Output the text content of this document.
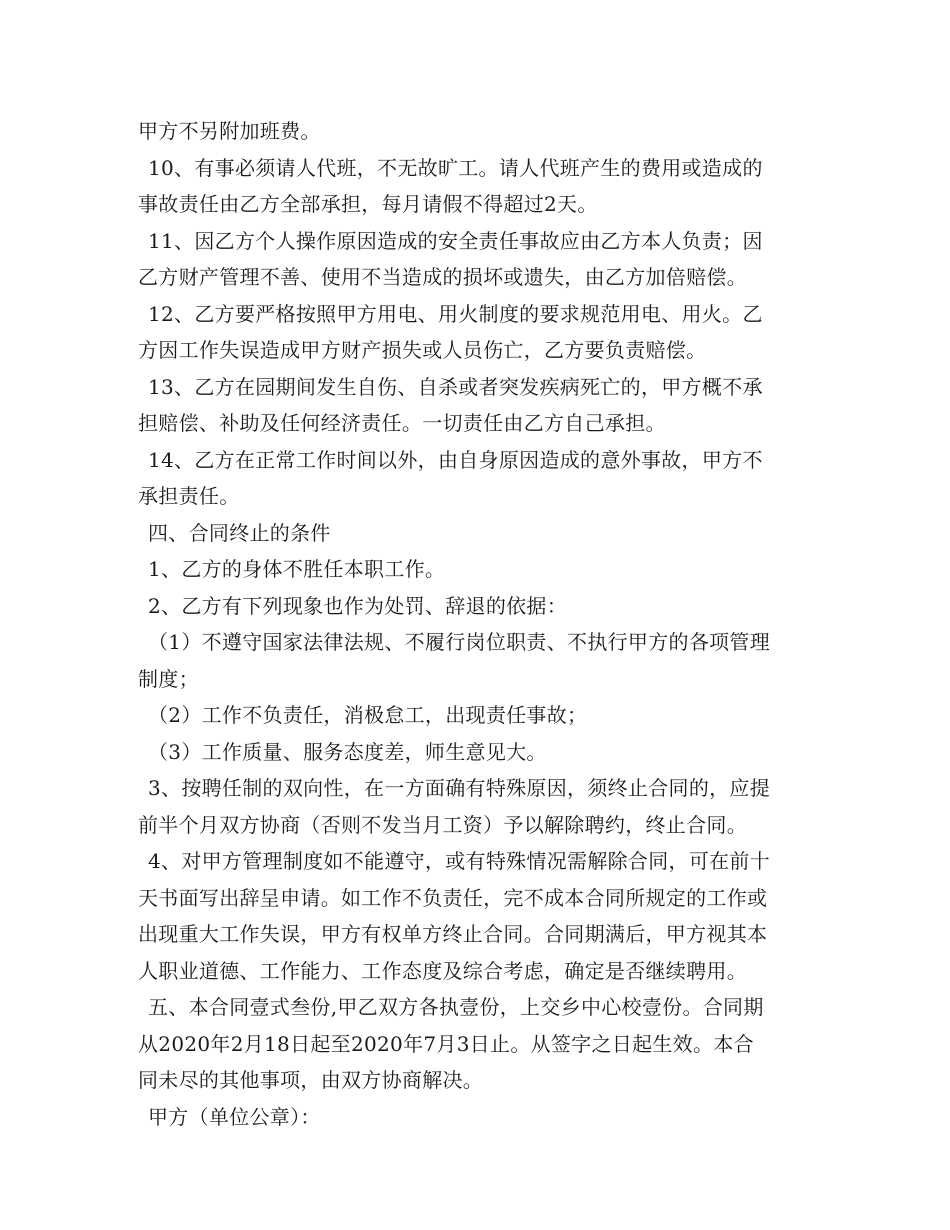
甲方不另附加班费。
10、有事必须请人代班，不无故旷工。请人代班产生的费用或造成的
事故责任由乙方全部承担，每月请假不得超过2天。
11、因乙方个人操作原因造成的安全责任事故应由乙方本人负责；因
乙方财产管理不善、使用不当造成的损坏或遗失，由乙方加倍赔偿。
12、乙方要严格按照甲方用电、用火制度的要求规范用电、用火。乙
方因工作失误造成甲方财产损失或人员伤亡，乙方要负责赔偿。
13、乙方在园期间发生自伤、自杀或者突发疾病死亡的，甲方概不承
担赔偿、补助及任何经济责任。一切责任由乙方自己承担。
14、乙方在正常工作时间以外，由自身原因造成的意外事故，甲方不
承担责任。
四、合同终止的条件
1、乙方的身体不胜任本职工作。
2、乙方有下列现象也作为处罚、辞退的依据：
（1）不遵守国家法律法规、不履行岗位职责、不执行甲方的各项管理
制度；
（2）工作不负责任，消极怠工，出现责任事故；
（3）工作质量、服务态度差，师生意见大。
3、按聘任制的双向性，在一方面确有特殊原因，须终止合同的，应提
前半个月双方协商（否则不发当月工资）予以解除聘约，终止合同。
4、对甲方管理制度如不能遵守，或有特殊情况需解除合同，可在前十
天书面写出辞呈申请。如工作不负责任，完不成本合同所规定的工作或
出现重大工作失误，甲方有权单方终止合同。合同期满后，甲方视其本
人职业道德、工作能力、工作态度及综合考虑，确定是否继续聘用。
五、本合同壹式叁份,甲乙双方各执壹份，上交乡中心校壹份。合同期
从2020年2月18日起至2020年7月3日止。从签字之日起生效。本合
同未尽的其他事项，由双方协商解决。
甲方（单位公章）：
